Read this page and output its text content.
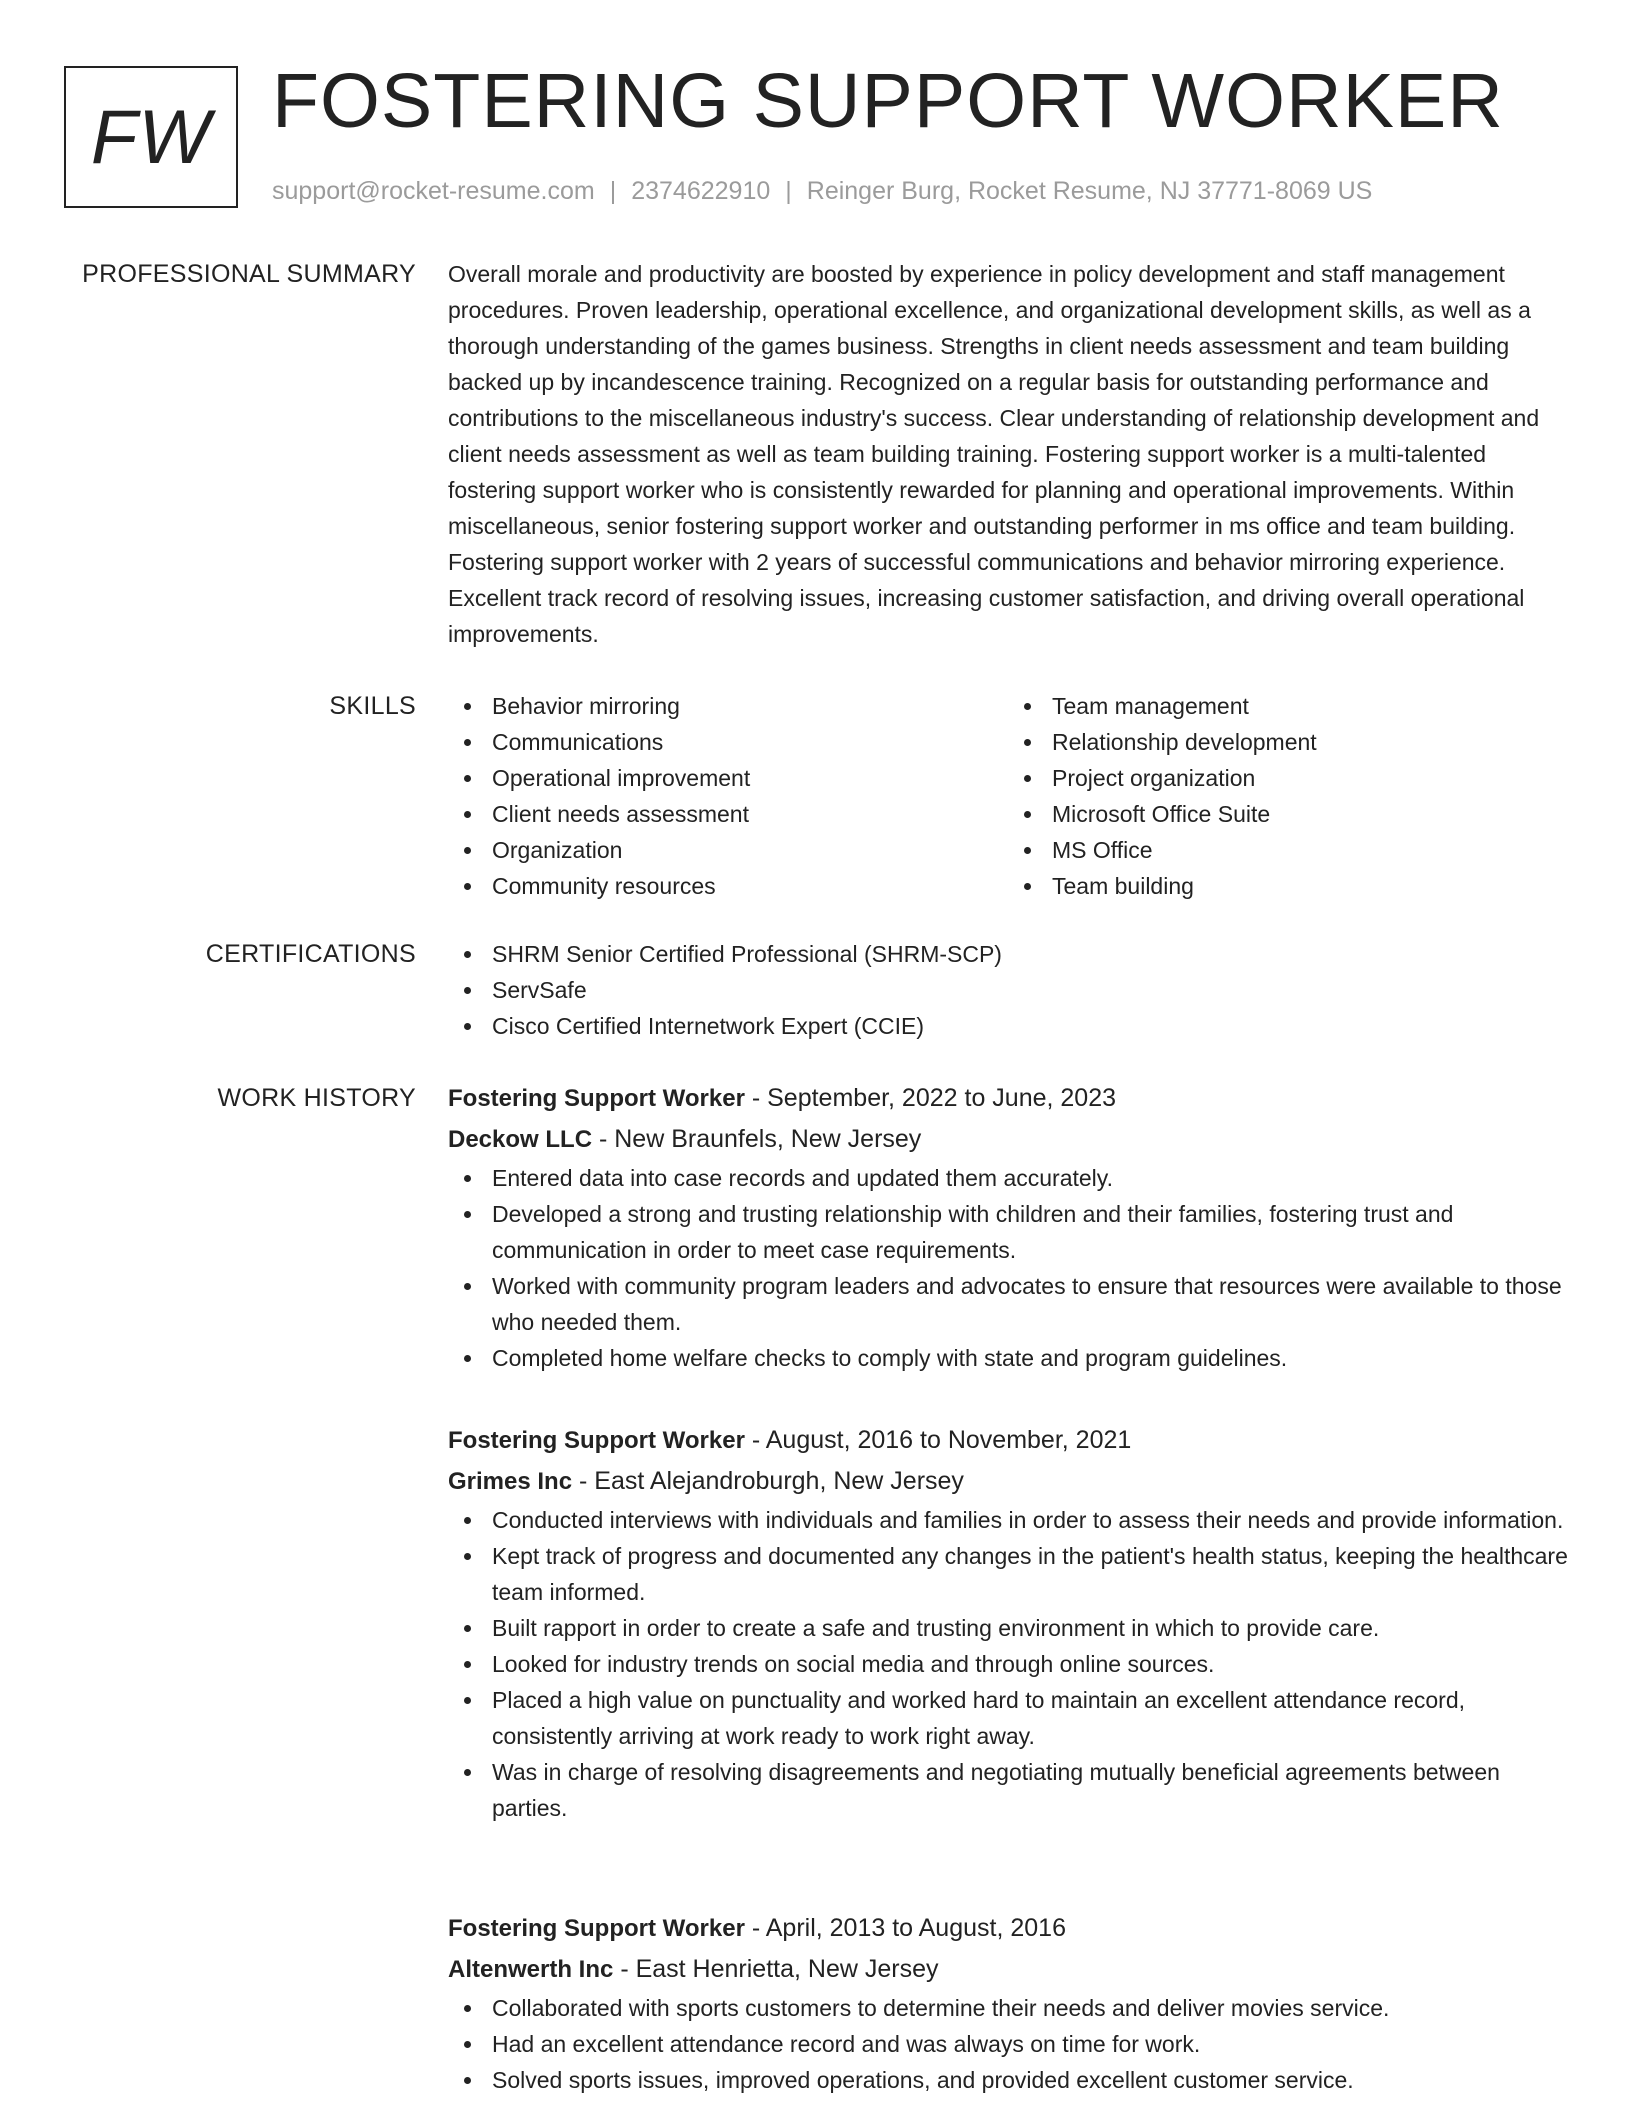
FW FOSTERING SUPPORT WORKER
support@rocket-resume.com | 2374622910 | Reinger Burg, Rocket Resume, NJ 37771-8069 US
PROFESSIONAL SUMMARY Overall morale and productivity are boosted by experience in policy development and staff management procedures. Proven leadership, operational excellence, and organizational development skills, as well as a thorough understanding of the games business. Strengths in client needs assessment and team building backed up by incandescence training. Recognized on a regular basis for outstanding performance and contributions to the miscellaneous industry's success. Clear understanding of relationship development and client needs assessment as well as team building training. Fostering support worker is a multi-talented fostering support worker who is consistently rewarded for planning and operational improvements. Within miscellaneous, senior fostering support worker and outstanding performer in ms office and team building. Fostering support worker with 2 years of successful communications and behavior mirroring experience. Excellent track record of resolving issues, increasing customer satisfaction, and driving overall operational improvements.

SKILLS	Behavior mirroring
Communications
Operational improvement
Client needs assessment
Organization
Community resources
Team management
Relationship development
Project organization
Microsoft Office Suite
MS Office
Team building
CERTIFICATIONS	SHRM Senior Certified Professional (SHRM-SCP)
ServSafe
Cisco Certified Internetwork Expert (CCIE)
WORK HISTORY Fostering Support Worker - September, 2022 to June, 2023
Deckow LLC - New Braunfels, New Jersey
Entered data into case records and updated them accurately.
Developed a strong and trusting relationship with children and their families, fostering trust and communication in order to meet case requirements.
Worked with community program leaders and advocates to ensure that resources were available to those who needed them.
Completed home welfare checks to comply with state and program guidelines.
Fostering Support Worker - August, 2016 to November, 2021
Grimes Inc - East Alejandroburgh, New Jersey
Conducted interviews with individuals and families in order to assess their needs and provide information.
Kept track of progress and documented any changes in the patient's health status, keeping the healthcare team informed.
Built rapport in order to create a safe and trusting environment in which to provide care.
Looked for industry trends on social media and through online sources.
Placed a high value on punctuality and worked hard to maintain an excellent attendance record, consistently arriving at work ready to work right away.
Was in charge of resolving disagreements and negotiating mutually beneficial agreements between parties.
Fostering Support Worker - April, 2013 to August, 2016
Altenwerth Inc - East Henrietta, New Jersey
Collaborated with sports customers to determine their needs and deliver movies service.
Had an excellent attendance record and was always on time for work.
Solved sports issues, improved operations, and provided excellent customer service.
